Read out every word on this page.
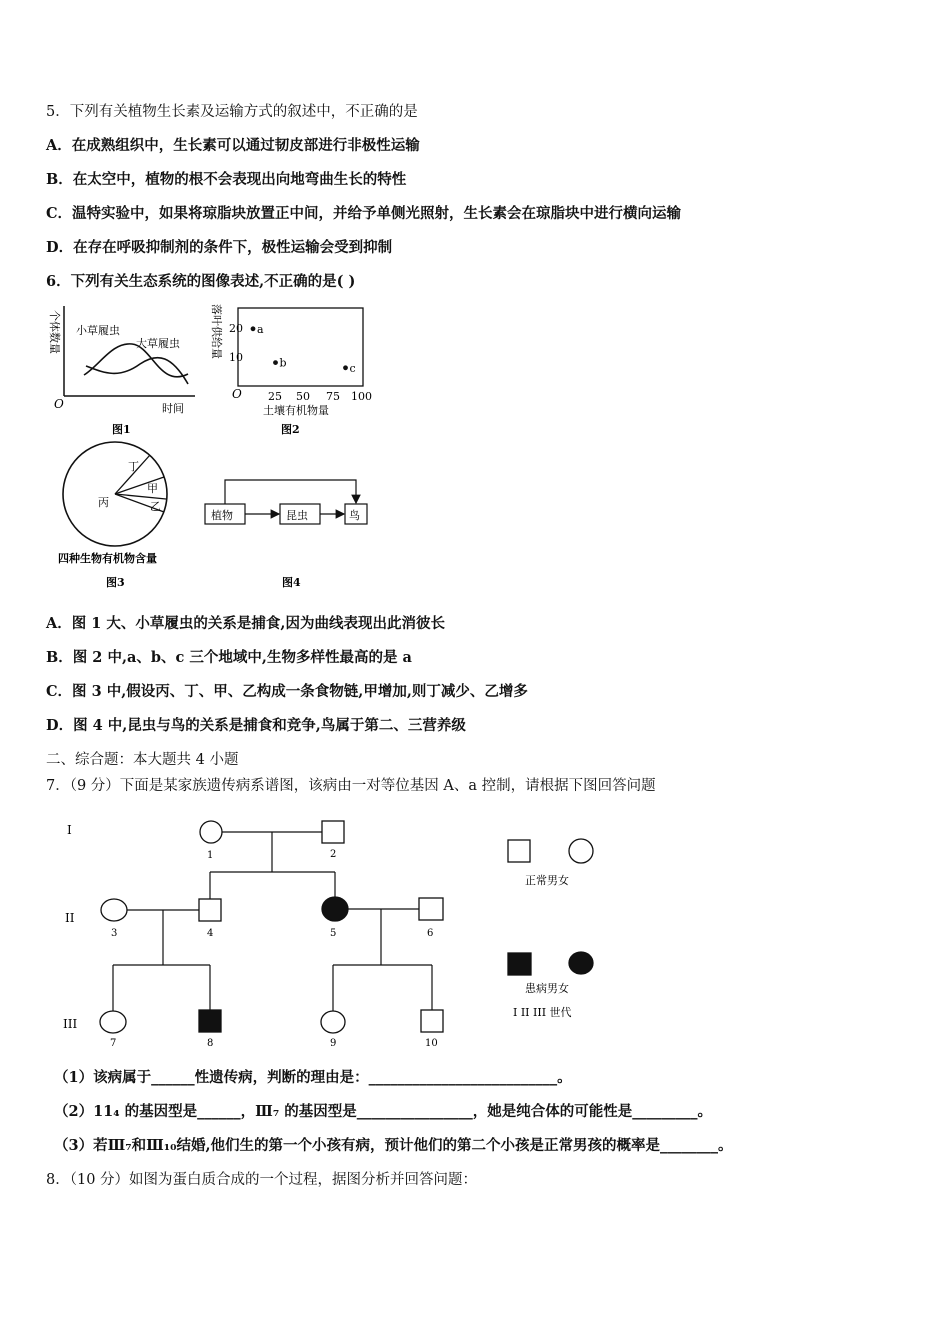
5．下列有关植物生长素及运输方式的叙述中，不正确的是
A．在成熟组织中，生长素可以通过韧皮部进行非极性运输
B．在太空中，植物的根不会表现出向地弯曲生长的特性
C．温特实验中，如果将琼脂块放置正中间，并给予单侧光照射，生长素会在琼脂块中进行横向运输
D．在存在呼吸抑制剂的条件下，极性运输会受到抑制
6．下列有关生态系统的图像表述,不正确的是( )
个体数量
时间
O
小草履虫
大草履虫
图1
落叶供给量 20
10
O 25 50 75 100
a
b	c
土壤有机物量
图2
丙
丁
甲
乙
四种生物有机物含量
图3
植物	昆虫	鸟
图4
A．图 1 大、小草履虫的关系是捕食,因为曲线表现出此消彼长
B．图 2 中,a、b、c 三个地域中,生物多样性最高的是 a
C．图 3 中,假设丙、丁、甲、乙构成一条食物链,甲增加,则丁减少、乙增多
D．图 4 中,昆虫与鸟的关系是捕食和竞争,鸟属于第二、三营养级
二、综合题：本大题共 4 小题
7．（9 分）下面是某家族遗传病系谱图，该病由一对等位基因 A、a 控制，请根据下图回答问题
I
II
III
1	2
3	4	5	6
7	8	9	10
正常男女
患病男女
I II III 世代
（1）该病属于______性遗传病，判断的理由是：__________________________。
（2）11₄ 的基因型是______，Ⅲ₇ 的基因型是________________，她是纯合体的可能性是_________。
（3）若Ⅲ₇和Ⅲ₁₀结婚,他们生的第一个小孩有病，预计他们的第二个小孩是正常男孩的概率是________。
8．（10 分）如图为蛋白质合成的一个过程，据图分析并回答问题：
